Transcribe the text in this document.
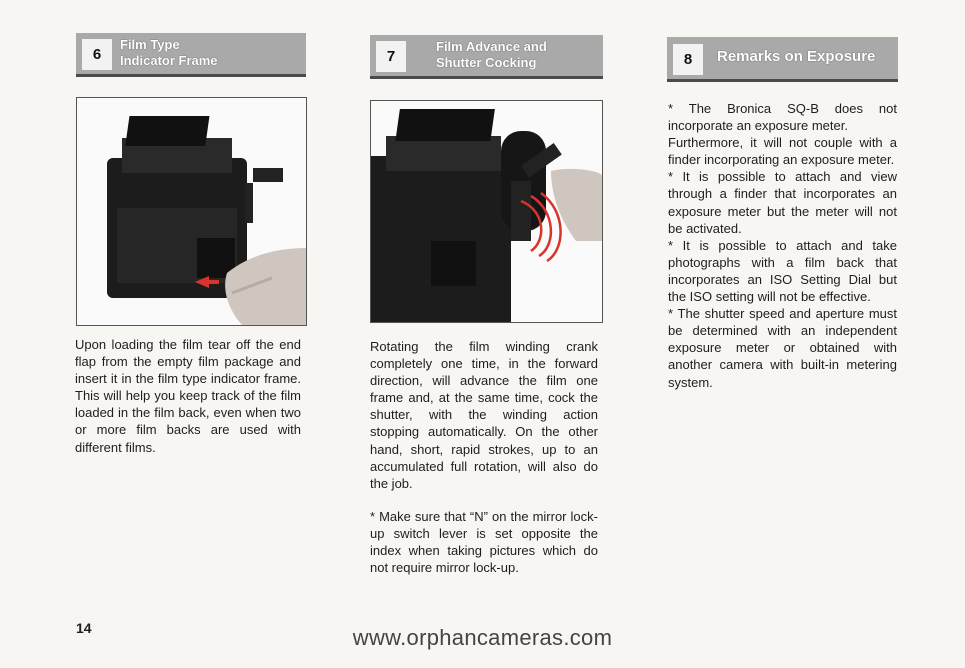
6
Film Type
Indicator Frame

Upon loading the film tear off the end flap from the empty film package and insert it in the film type indicator frame. This will help you keep track of the film loaded in the film back, even when two or more film backs are used with different films.

7
Film Advance and
Shutter Cocking

Rotating the film winding crank completely one time, in the forward direction, will advance the film one frame and, at the same time, cock the shutter, with the winding action stopping automatically. On the other hand, short, rapid strokes, up to an accumulated full rotation, will also do the job.

* Make sure that “N” on the mirror lock-up switch lever is set opposite the index when taking pictures which do not require mirror lock-up.

8	Remarks on Exposure
* The Bronica SQ-B does not incorporate an exposure meter.
Furthermore, it will not couple with a finder incorporating an exposure meter.
* It is possible to attach and view through a finder that incorporates an exposure meter but the meter will not be activated.
* It is possible to attach and take photographs with a film back that incorporates an ISO Setting Dial but the ISO setting will not be effective.
* The shutter speed and aperture must be determined with an independent exposure meter or obtained with another camera with built-in metering system.
14	www.orphancameras.com
